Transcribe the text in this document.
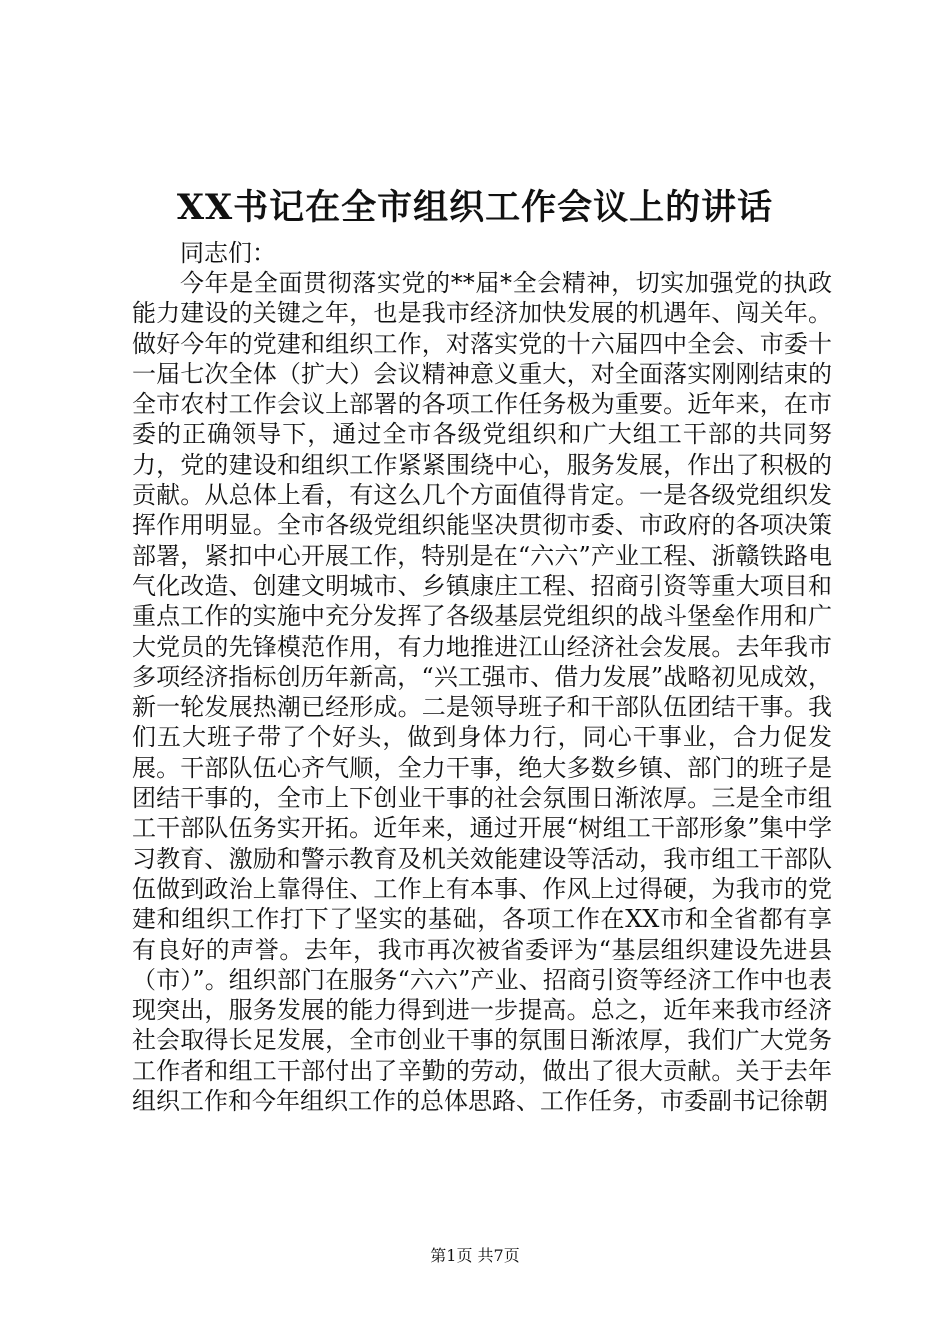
XX书记在全市组织工作会议上的讲话

同志们：

今年是全面贯彻落实党的**届*全会精神，切实加强党的执政能力建设的关键之年，也是我市经济加快发展的机遇年、闯关年。做好今年的党建和组织工作，对落实党的十六届四中全会、市委十一届七次全体（扩大）会议精神意义重大，对全面落实刚刚结束的全市农村工作会议上部署的各项工作任务极为重要。近年来，在市委的正确领导下，通过全市各级党组织和广大组工干部的共同努力，党的建设和组织工作紧紧围绕中心，服务发展，作出了积极的贡献。从总体上看，有这么几个方面值得肯定。一是各级党组织发挥作用明显。全市各级党组织能坚决贯彻市委、市政府的各项决策部署，紧扣中心开展工作，特别是在“六六”产业工程、浙赣铁路电气化改造、创建文明城市、乡镇康庄工程、招商引资等重大项目和重点工作的实施中充分发挥了各级基层党组织的战斗堡垒作用和广大党员的先锋模范作用，有力地推进江山经济社会发展。去年我市多项经济指标创历年新高，“兴工强市、借力发展”战略初见成效，新一轮发展热潮已经形成。二是领导班子和干部队伍团结干事。我们五大班子带了个好头，做到身体力行，同心干事业，合力促发展。干部队伍心齐气顺，全力干事，绝大多数乡镇、部门的班子是团结干事的，全市上下创业干事的社会氛围日渐浓厚。三是全市组工干部队伍务实开拓。近年来，通过开展“树组工干部形象”集中学习教育、激励和警示教育及机关效能建设等活动，我市组工干部队伍做到政治上靠得住、工作上有本事、作风上过得硬，为我市的党建和组织工作打下了坚实的基础，各项工作在XX市和全省都有享有良好的声誉。去年，我市再次被省委评为“基层组织建设先进县（市）”。组织部门在服务“六六”产业、招商引资等经济工作中也表现突出，服务发展的能力得到进一步提高。总之，近年来我市经济社会取得长足发展，全市创业干事的氛围日渐浓厚，我们广大党务工作者和组工干部付出了辛勤的劳动，做出了很大贡献。关于去年组织工作和今年组织工作的总体思路、工作任务，市委副书记徐朝

第1页 共7页
